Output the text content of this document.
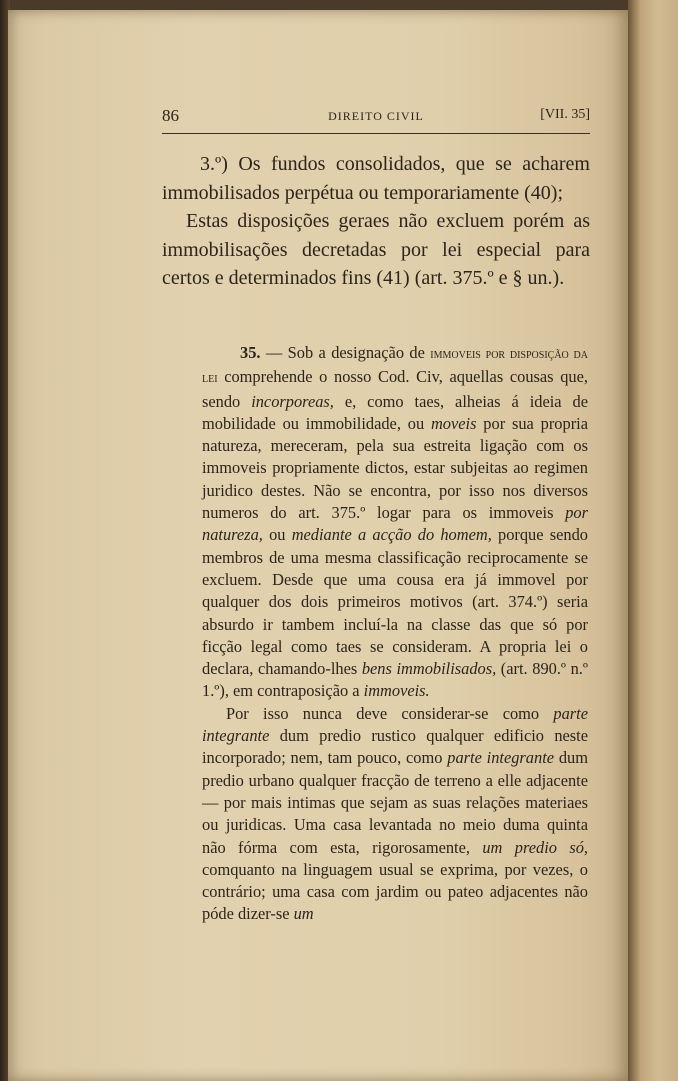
86	DIREITO CIVIL	[VII. 35]

3.º) Os fundos consolidados, que se acharem immobilisados perpétua ou temporariamente (40);

Estas disposições geraes não excluem porém as immobilisações decretadas por lei especial para certos e determinados fins (41) (art. 375.º e § un.).

35. — Sob a designação de immoveis por disposição da lei comprehende o nosso Cod. Civ, aquellas cousas que, sendo incorporeas, e, como taes, alheias á ideia de mobilidade ou immobilidade, ou moveis por sua propria natureza, mereceram, pela sua estreita ligação com os immoveis propriamente dictos, estar subjeitas ao regimen juridico destes. Não se encontra, por isso nos diversos numeros do art. 375.º logar para os immoveis por natureza, ou mediante a acção do homem, porque sendo membros de uma mesma classificação reciprocamente se excluem. Desde que uma cousa era já immovel por qualquer dos dois primeiros motivos (art. 374.º) seria absurdo ir tambem incluí-la na classe das que só por ficção legal como taes se consideram. A propria lei o declara, chamando-lhes bens immobilisados, (art. 890.º n.º 1.º), em contraposição a immoveis.

Por isso nunca deve considerar-se como parte integrante dum predio rustico qualquer edificio neste incorporado; nem, tam pouco, como parte integrante dum predio urbano qualquer fracção de terreno a elle adjacente — por mais intimas que sejam as suas relações materiaes ou juridicas. Uma casa levantada no meio duma quinta não fórma com esta, rigorosamente, um predio só, comquanto na linguagem usual se exprima, por vezes, o contrário; uma casa com jardim ou pateo adjacentes não póde dizer-se um
